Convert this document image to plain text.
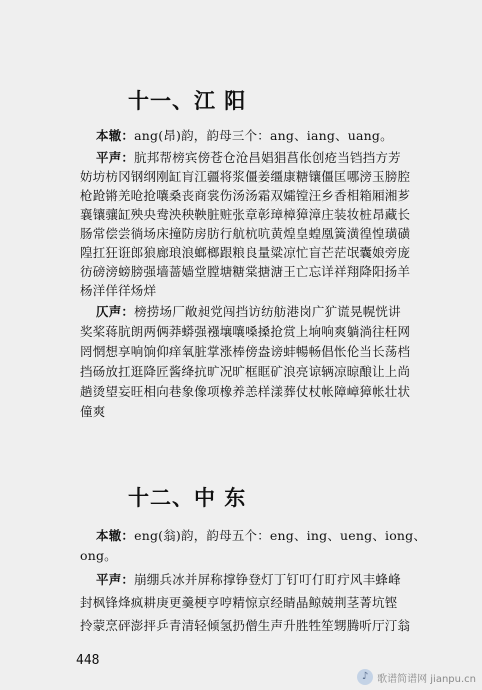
十一、江 阳
本辙：ang(昂)韵，韵母三个：ang、iang、uang。
平声：肮邦帮榜宾傍苍仓沧昌娼猖菖伥创疮当铛挡方芳
妨坊枋冈钢纲刚缸肓江疆将浆僵姜缰康糖镶僵匡哪滂玉膀腔
枪跄锵羌呛抢嚷桑丧商裳伤汤汤霜双孀镗汪乡香相箱厢湘芗
襄镶骧缸殃央鸯泱秧鞅脏赃张章彰璋樟獐漳庄装妆桩昂藏长
肠常偿尝徜场床撞防房肪行航杭吭黄煌皇蝗凰簧潢徨惶璜磺
隍扛狂诳郎狼廊琅浪螂榔跟粮良量粱凉忙盲芒茫氓囊娘旁庞
彷磅滂螃膀强墙蔷嫱堂膛塘糖棠搪溏王亡忘详祥翔降阳扬羊
杨洋佯徉炀烊
仄声：榜捞场厂敞昶党闯挡访纺舫港岗广犷谎晃幌恍讲
奖桨蒋肮朗两俩莽蟒强襁壤嚷嗓搡抢赏上垧响爽躺淌往枉网
罔惘想享响饷仰痒氧脏掌涨棒傍盎谤蚌暢畅倡怅伦当长荡档
挡砀放扛逛降匠酱绛抗旷况旷框眶矿浪亮谅辆凉晾酿让上尚
趟烫望妄旺相向巷象像项橡养恙样漾葬仗杖帐障嶂獐帐壮状
僮爽
十二、中 东
本辙：eng(翁)韵，韵母五个：eng、ing、ueng、iong、
ong。
平声：崩绷兵冰并屏称撑铮登灯丁钉叮仃盯疔风丰蜂峰
封枫锋烽疯耕庚更羹梗亨哼精惊京经睛晶鲸兢荆茎菁坑铿
拎蒙烹砰澎抨乒青清轻倾氢扔僧生声升胜牲笙甥腾听厅汀翁
448
♪ 歌谱简谱网 jianpu.cn
